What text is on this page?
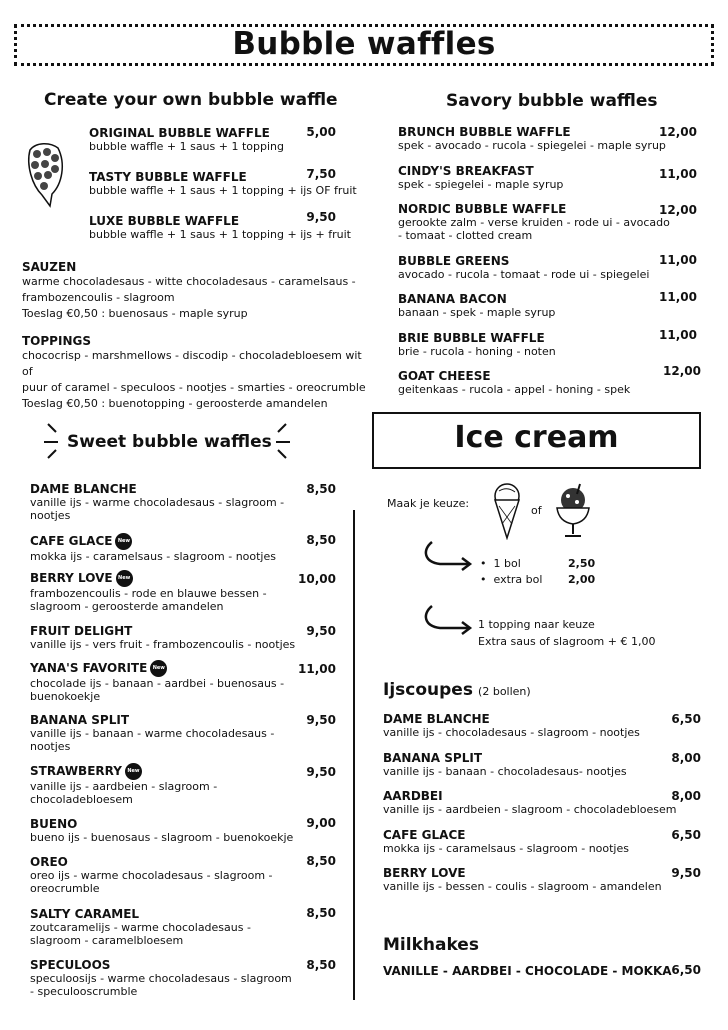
Bubble waffles
Create your own bubble waffle
ORIGINAL BUBBLE WAFFLE
bubble waffle + 1 saus + 1 topping
5,00
TASTY BUBBLE WAFFLE
bubble waffle + 1 saus + 1 topping + ijs OF fruit
7,50
LUXE BUBBLE WAFFLE
bubble waffle + 1 saus + 1 topping + ijs + fruit
9,50
SAUZEN
warme chocoladesaus - witte chocoladesaus - caramelsaus -
frambozencoulis - slagroom
Toeslag €0,50 : buenosaus - maple syrup
TOPPINGS
chococrisp - marshmellows - discodip - chocoladebloesem wit of
puur of caramel - speculoos - nootjes - smarties - oreocrumble
Toeslag €0,50 : buenotopping - geroosterde amandelen
Savory bubble waffles
BRUNCH BUBBLE WAFFLE
spek - avocado - rucola - spiegelei - maple syrup
12,00
CINDY'S BREAKFAST
spek - spiegelei - maple syrup
11,00
NORDIC BUBBLE WAFFLE
gerookte zalm - verse kruiden - rode ui - avocado
- tomaat - clotted cream
12,00
BUBBLE GREENS
avocado - rucola - tomaat - rode ui - spiegelei
11,00
BANANA BACON
banaan - spek - maple syrup
11,00
BRIE BUBBLE WAFFLE
brie - rucola - honing - noten
11,00
GOAT CHEESE
geitenkaas - rucola - appel - honing - spek
12,00
Sweet bubble waffles
DAME BLANCHE
vanille ijs - warme chocoladesaus - slagroom -
nootjes
8,50
CAFE GLACE New
mokka ijs - caramelsaus - slagroom - nootjes
8,50
BERRY LOVE New
frambozencoulis - rode en blauwe bessen -
slagroom - geroosterde amandelen
10,00
FRUIT DELIGHT
vanille ijs - vers fruit - frambozencoulis - nootjes
9,50
YANA'S FAVORITE New
chocolade ijs - banaan - aardbei - buenosaus -
buenokoekje
11,00
BANANA SPLIT
vanille ijs - banaan - warme chocoladesaus -
nootjes
9,50
STRAWBERRY New
vanille ijs - aardbeien - slagroom -
chocoladebloesem
9,50
BUENO
bueno ijs - buenosaus - slagroom - buenokoekje
9,00
OREO
oreo ijs - warme chocoladesaus - slagroom -
oreocrumble
8,50
SALTY CARAMEL
zoutcaramelijs - warme chocoladesaus -
slagroom - caramelbloesem
8,50
SPECULOOS
speculoosijs - warme chocoladesaus - slagroom
- speculooscrumble
8,50
Ice cream
Maak je keuze:
of
• 1 bol	2,50
• extra bol 2,00
1 topping naar keuze
Extra saus of slagroom + € 1,00
Ijscoupes (2 bollen)
DAME BLANCHE
vanille ijs - chocoladesaus - slagroom - nootjes
6,50
BANANA SPLIT
vanille ijs - banaan - chocoladesaus- nootjes
8,00
AARDBEI
vanille ijs - aardbeien - slagroom - chocoladebloesem
8,00
CAFE GLACE
mokka ijs - caramelsaus - slagroom - nootjes
6,50
BERRY LOVE
vanille ijs - bessen - coulis - slagroom - amandelen
9,50
Milkhakes
VANILLE - AARDBEI - CHOCOLADE - MOKKA 6,50
